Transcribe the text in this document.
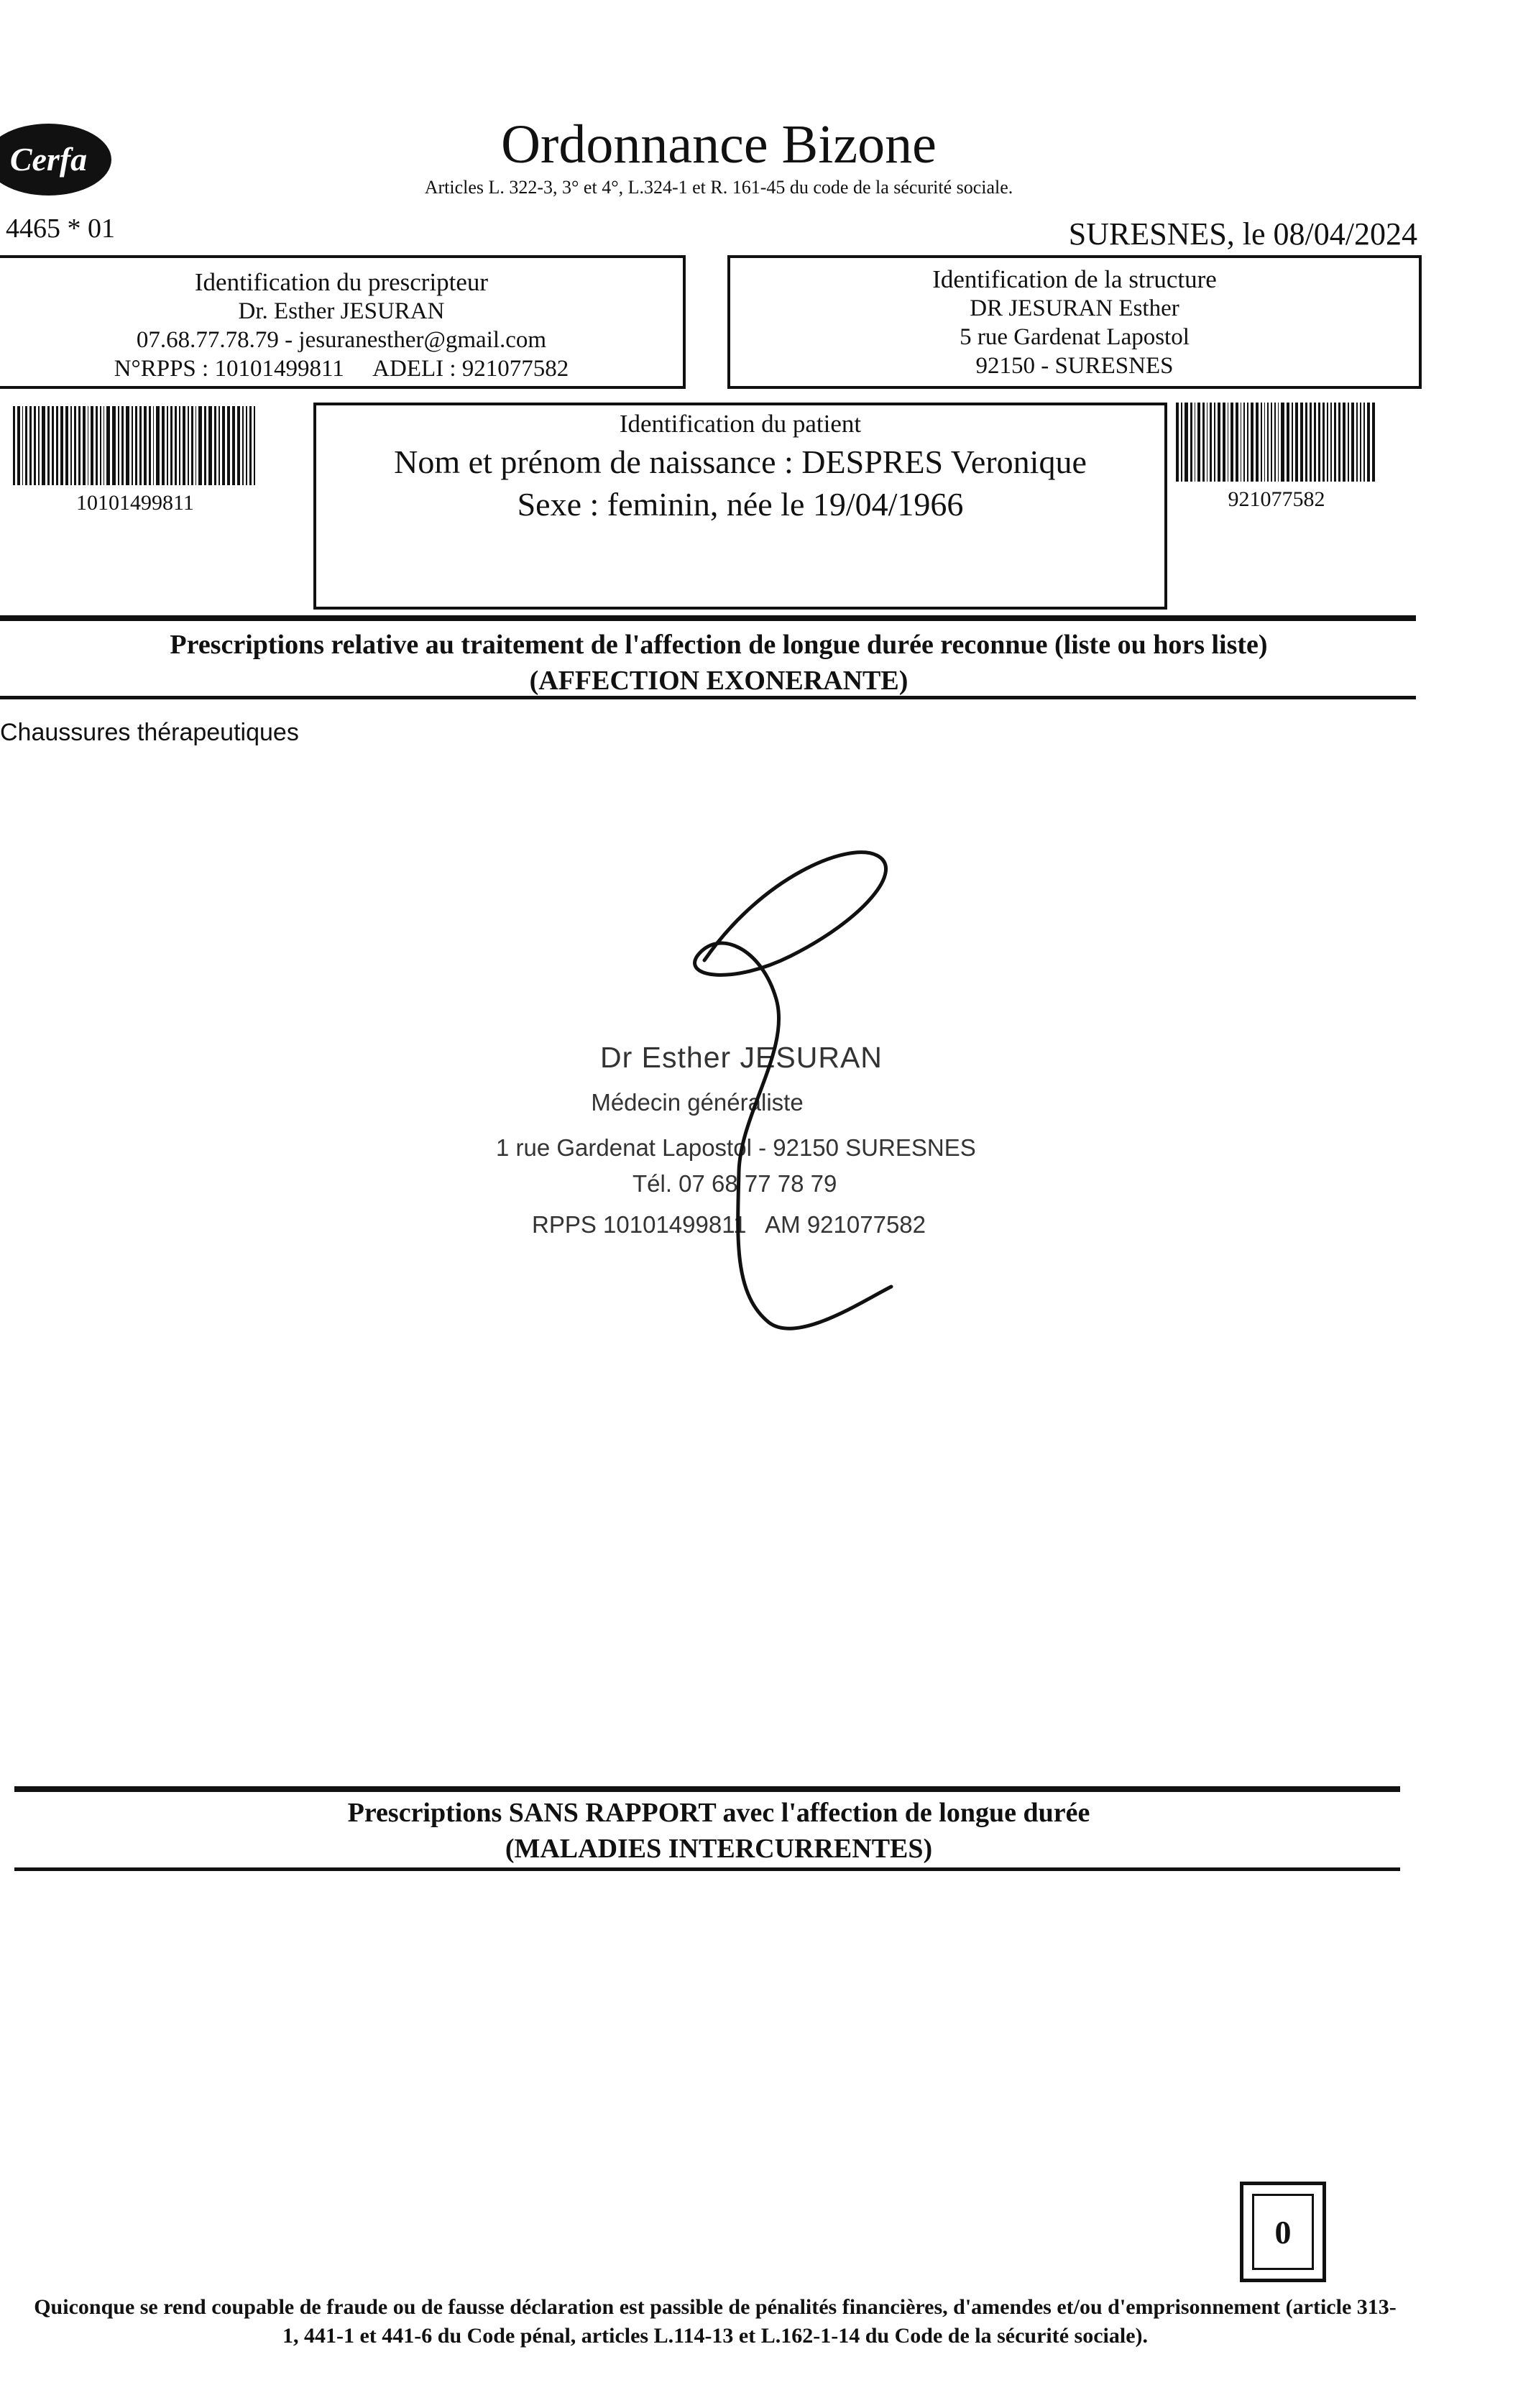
Cerfa	Ordonnance Bizone
Articles L. 322-3, 3° et 4°, L.324-1 et R. 161-45 du code de la sécurité sociale.
4465 * 01	SURESNES, le 08/04/2024
Identification du prescripteur
Dr. Esther JESURAN
07.68.77.78.79 - jesuranesther@gmail.com
N°RPPS : 10101499811     ADELI : 921077582
Identification de la structure
DR JESURAN Esther
5 rue Gardenat Lapostol
92150 - SURESNES
10101499811	921077582
Identification du patient
Nom et prénom de naissance : DESPRES Veronique
Sexe : feminin, née le 19/04/1966
Prescriptions relative au traitement de l'affection de longue durée reconnue (liste ou hors liste)
(AFFECTION EXONERANTE)
Chaussures thérapeutiques
Dr Esther JESURAN
Médecin généraliste
1 rue Gardenat Lapostol - 92150 SURESNES
Tél. 07 68 77 78 79
RPPS 10101499811   AM 921077582
Prescriptions SANS RAPPORT avec l'affection de longue durée
(MALADIES INTERCURRENTES)
0
Quiconque se rend coupable de fraude ou de fausse déclaration est passible de pénalités financières, d'amendes et/ou d'emprisonnement (article 313-
1, 441-1 et 441-6 du Code pénal, articles L.114-13 et L.162-1-14 du Code de la sécurité sociale).
